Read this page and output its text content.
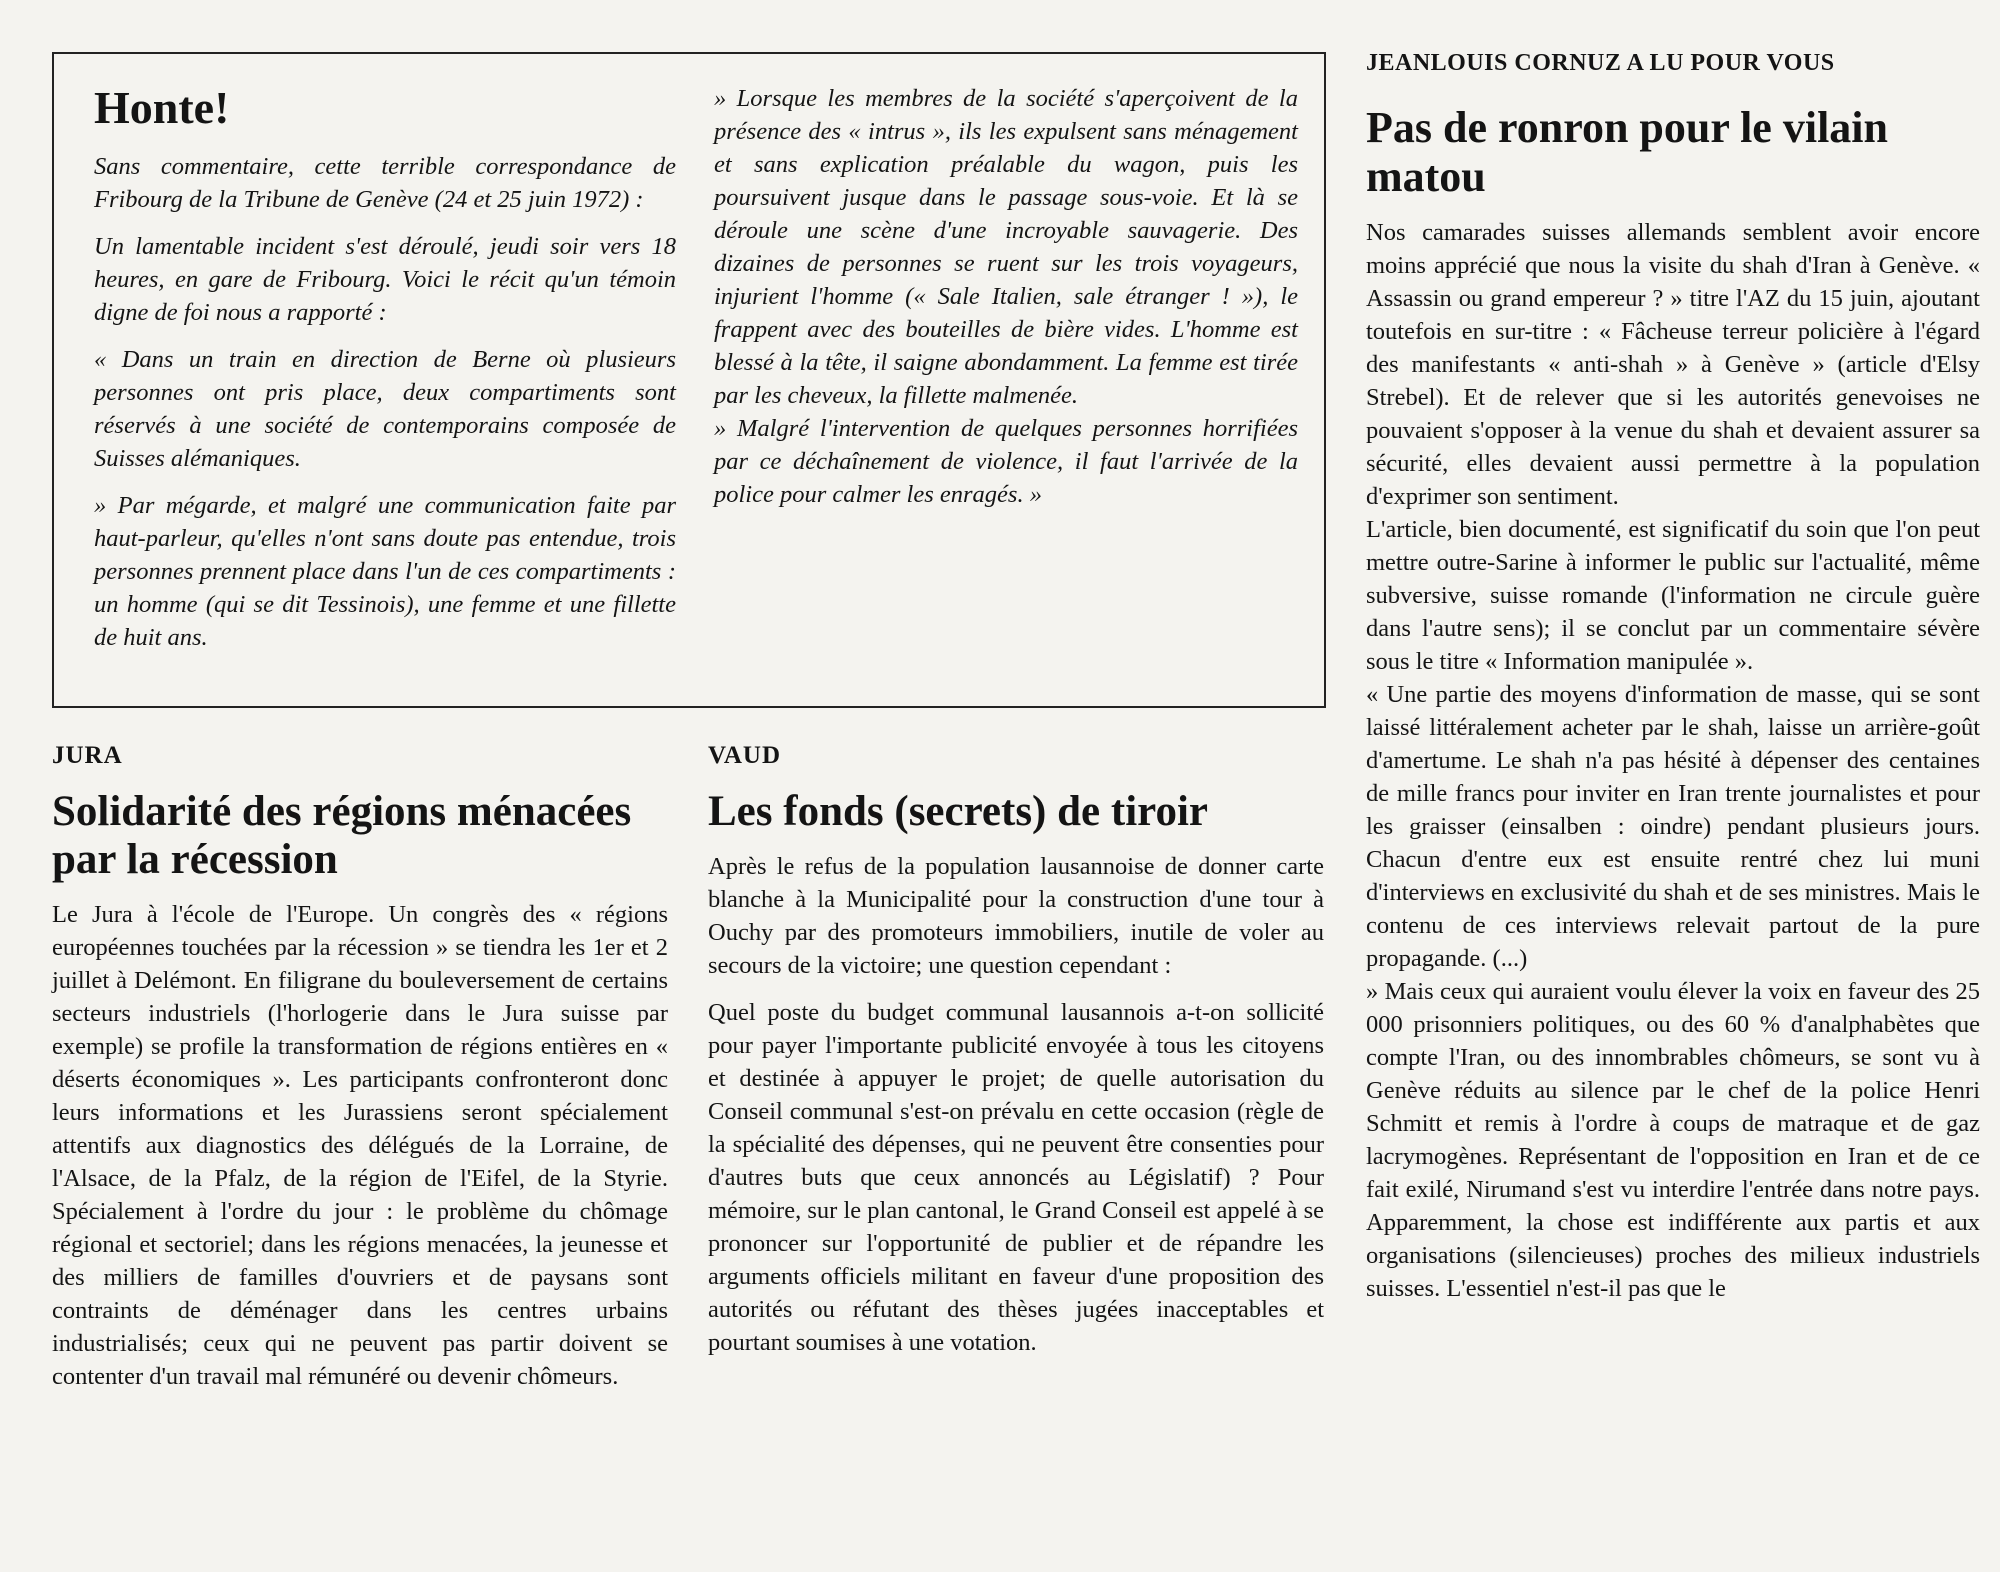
Honte!

Sans commentaire, cette terrible correspondance de Fribourg de la Tribune de Genève (24 et 25 juin 1972) :

Un lamentable incident s'est déroulé, jeudi soir vers 18 heures, en gare de Fribourg. Voici le récit qu'un témoin digne de foi nous a rapporté :

« Dans un train en direction de Berne où plusieurs personnes ont pris place, deux compartiments sont réservés à une société de contemporains composée de Suisses alémaniques.

» Par mégarde, et malgré une communication faite par haut-parleur, qu'elles n'ont sans doute pas entendue, trois personnes prennent place dans l'un de ces compartiments : un homme (qui se dit Tessinois), une femme et une fillette de huit ans.

» Lorsque les membres de la société s'aperçoivent de la présence des « intrus », ils les expulsent sans ménagement et sans explication préalable du wagon, puis les poursuivent jusque dans le passage sous-voie. Et là se déroule une scène d'une incroyable sauvagerie. Des dizaines de personnes se ruent sur les trois voyageurs, injurient l'homme (« Sale Italien, sale étranger ! »), le frappent avec des bouteilles de bière vides. L'homme est blessé à la tête, il saigne abondamment. La femme est tirée par les cheveux, la fillette malmenée.

» Malgré l'intervention de quelques personnes horrifiées par ce déchaînement de violence, il faut l'arrivée de la police pour calmer les enragés. »

JURA

Solidarité des régions ménacées par la récession

Le Jura à l'école de l'Europe. Un congrès des « régions européennes touchées par la récession » se tiendra les 1er et 2 juillet à Delémont. En filigrane du bouleversement de certains secteurs industriels (l'horlogerie dans le Jura suisse par exemple) se profile la transformation de régions entières en « déserts économiques ». Les participants confronteront donc leurs informations et les Jurassiens seront spécialement attentifs aux diagnostics des délégués de la Lorraine, de l'Alsace, de la Pfalz, de la région de l'Eifel, de la Styrie. Spécialement à l'ordre du jour : le problème du chômage régional et sectoriel; dans les régions menacées, la jeunesse et des milliers de familles d'ouvriers et de paysans sont contraints de déménager dans les centres urbains industrialisés; ceux qui ne peuvent pas partir doivent se contenter d'un travail mal rémunéré ou devenir chômeurs.

VAUD

Les fonds (secrets) de tiroir

Après le refus de la population lausannoise de donner carte blanche à la Municipalité pour la construction d'une tour à Ouchy par des promoteurs immobiliers, inutile de voler au secours de la victoire; une question cependant :

Quel poste du budget communal lausannois a-t-on sollicité pour payer l'importante publicité envoyée à tous les citoyens et destinée à appuyer le projet; de quelle autorisation du Conseil communal s'est-on prévalu en cette occasion (règle de la spécialité des dépenses, qui ne peuvent être consenties pour d'autres buts que ceux annoncés au Législatif) ? Pour mémoire, sur le plan cantonal, le Grand Conseil est appelé à se prononcer sur l'opportunité de publier et de répandre les arguments officiels militant en faveur d'une proposition des autorités ou réfutant des thèses jugées inacceptables et pourtant soumises à une votation.

JEANLOUIS CORNUZ A LU POUR VOUS

Pas de ronron pour le vilain matou

Nos camarades suisses allemands semblent avoir encore moins apprécié que nous la visite du shah d'Iran à Genève. « Assassin ou grand empereur ? » titre l'AZ du 15 juin, ajoutant toutefois en sur-titre : « Fâcheuse terreur policière à l'égard des manifestants « anti-shah » à Genève » (article d'Elsy Strebel). Et de relever que si les autorités genevoises ne pouvaient s'opposer à la venue du shah et devaient assurer sa sécurité, elles devaient aussi permettre à la population d'exprimer son sentiment.

L'article, bien documenté, est significatif du soin que l'on peut mettre outre-Sarine à informer le public sur l'actualité, même subversive, suisse romande (l'information ne circule guère dans l'autre sens); il se conclut par un commentaire sévère sous le titre « Information manipulée ».

« Une partie des moyens d'information de masse, qui se sont laissé littéralement acheter par le shah, laisse un arrière-goût d'amertume. Le shah n'a pas hésité à dépenser des centaines de mille francs pour inviter en Iran trente journalistes et pour les graisser (einsalben : oindre) pendant plusieurs jours. Chacun d'entre eux est ensuite rentré chez lui muni d'interviews en exclusivité du shah et de ses ministres. Mais le contenu de ces interviews relevait partout de la pure propagande. (...)

» Mais ceux qui auraient voulu élever la voix en faveur des 25 000 prisonniers politiques, ou des 60 % d'analphabètes que compte l'Iran, ou des innombrables chômeurs, se sont vu à Genève réduits au silence par le chef de la police Henri Schmitt et remis à l'ordre à coups de matraque et de gaz lacrymogènes. Représentant de l'opposition en Iran et de ce fait exilé, Nirumand s'est vu interdire l'entrée dans notre pays. Apparemment, la chose est indifférente aux partis et aux organisations (silencieuses) proches des milieux industriels suisses. L'essentiel n'est-il pas que le
